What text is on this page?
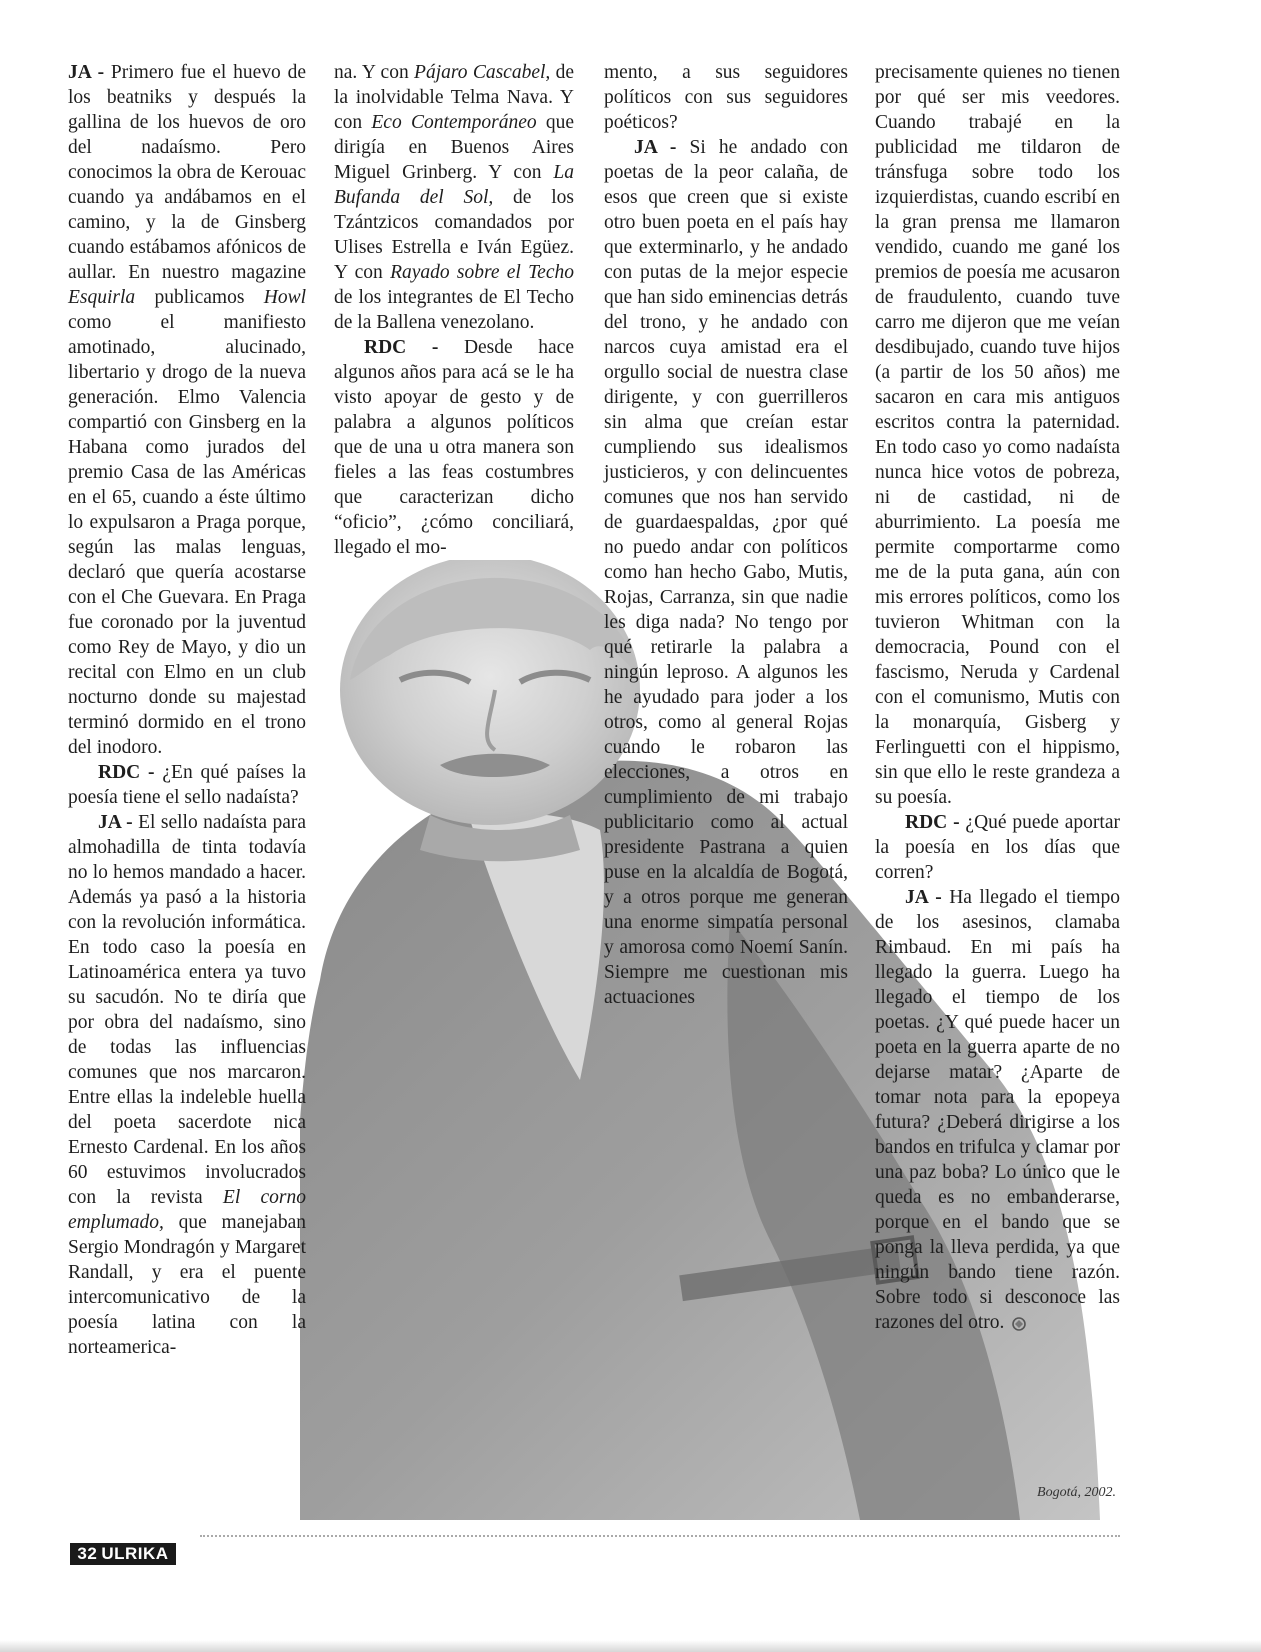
JA - Primero fue el huevo de los beatniks y después la gallina de los huevos de oro del nadaísmo. Pero conocimos la obra de Kerouac cuando ya andábamos en el camino, y la de Ginsberg cuando estábamos afónicos de aullar. En nuestro magazine Esquirla publicamos Howl como el manifiesto amotinado, alucinado, libertario y drogo de la nueva generación. Elmo Valencia compartió con Ginsberg en la Habana como jurados del premio Casa de las Américas en el 65, cuando a éste último lo expulsaron a Praga porque, según las malas lenguas, declaró que quería acostarse con el Che Guevara. En Praga fue coronado por la juventud como Rey de Mayo, y dio un recital con Elmo en un club nocturno donde su majestad terminó dormido en el trono del inodoro.

RDC - ¿En qué países la poesía tiene el sello nadaísta?

JA - El sello nadaísta para almohadilla de tinta todavía no lo hemos mandado a hacer. Además ya pasó a la historia con la revolución informática. En todo caso la poesía en Latinoamérica entera ya tuvo su sacudón. No te diría que por obra del nadaísmo, sino de todas las influencias comunes que nos marcaron. Entre ellas la indeleble huella del poeta sacerdote nica Ernesto Cardenal. En los años 60 estuvimos involucrados con la revista El corno emplumado, que manejaban Sergio Mondragón y Margaret Randall, y era el puente intercomunicativo de la poesía latina con la norteamerica-

na. Y con Pájaro Cascabel, de la inolvidable Telma Nava. Y con Eco Contemporáneo que dirigía en Buenos Aires Miguel Grinberg. Y con La Bufanda del Sol, de los Tzántzicos comandados por Ulises Estrella e Iván Egüez. Y con Rayado sobre el Techo de los integrantes de El Techo de la Ballena venezolano.

RDC - Desde hace algunos años para acá se le ha visto apoyar de gesto y de palabra a algunos políticos que de una u otra manera son fieles a las feas costumbres que caracterizan dicho “oficio”, ¿cómo conciliará, llegado el mo-

mento, a sus seguidores políticos con sus seguidores poéticos?

JA - Si he andado con poetas de la peor calaña, de esos que creen que si existe otro buen poeta en el país hay que exterminarlo, y he andado con putas de la mejor especie que han sido eminencias detrás del trono, y he andado con narcos cuya amistad era el orgullo social de nuestra clase dirigente, y con guerrilleros sin alma que creían estar cumpliendo sus idealismos justicieros, y con delincuentes comunes que nos han servido de guardaespaldas, ¿por qué no puedo andar con políticos como han hecho Gabo, Mutis, Rojas, Carranza, sin que nadie les diga nada? No tengo por qué retirarle la palabra a ningún leproso. A algunos les he ayudado para joder a los otros, como al general Rojas cuando le robaron las elecciones, a otros en cumplimiento de mi trabajo publicitario como al actual presidente Pastrana a quien puse en la alcaldía de Bogotá, y a otros porque me generan una enorme simpatía personal y amorosa como Noemí Sanín. Siempre me cuestionan mis actuaciones

precisamente quienes no tienen por qué ser mis veedores. Cuando trabajé en la publicidad me tildaron de tránsfuga sobre todo los izquierdistas, cuando escribí en la gran prensa me llamaron vendido, cuando me gané los premios de poesía me acusaron de fraudulento, cuando tuve carro me dijeron que me veían desdibujado, cuando tuve hijos (a partir de los 50 años) me sacaron en cara mis antiguos escritos contra la paternidad. En todo caso yo como nadaísta nunca hice votos de pobreza, ni de castidad, ni de aburrimiento. La poesía me permite comportarme como me de la puta gana, aún con mis errores políticos, como los tuvieron Whitman con la democracia, Pound con el fascismo, Neruda y Cardenal con el comunismo, Mutis con la monarquía, Gisberg y Ferlinguetti con el hippismo, sin que ello le reste grandeza a su poesía.

RDC - ¿Qué puede aportar la poesía en los días que corren?

JA - Ha llegado el tiempo de los asesinos, clamaba Rimbaud. En mi país ha llegado la guerra. Luego ha llegado el tiempo de los poetas. ¿Y qué puede hacer un poeta en la guerra aparte de no dejarse matar? ¿Aparte de tomar nota para la epopeya futura? ¿Deberá dirigirse a los bandos en trifulca y clamar por una paz boba? Lo único que le queda es no embanderarse, porque en el bando que se ponga la lleva perdida, ya que ningún bando tiene razón. Sobre todo si desconoce las razones del otro.

Bogotá, 2002.
32 ULRIKA
